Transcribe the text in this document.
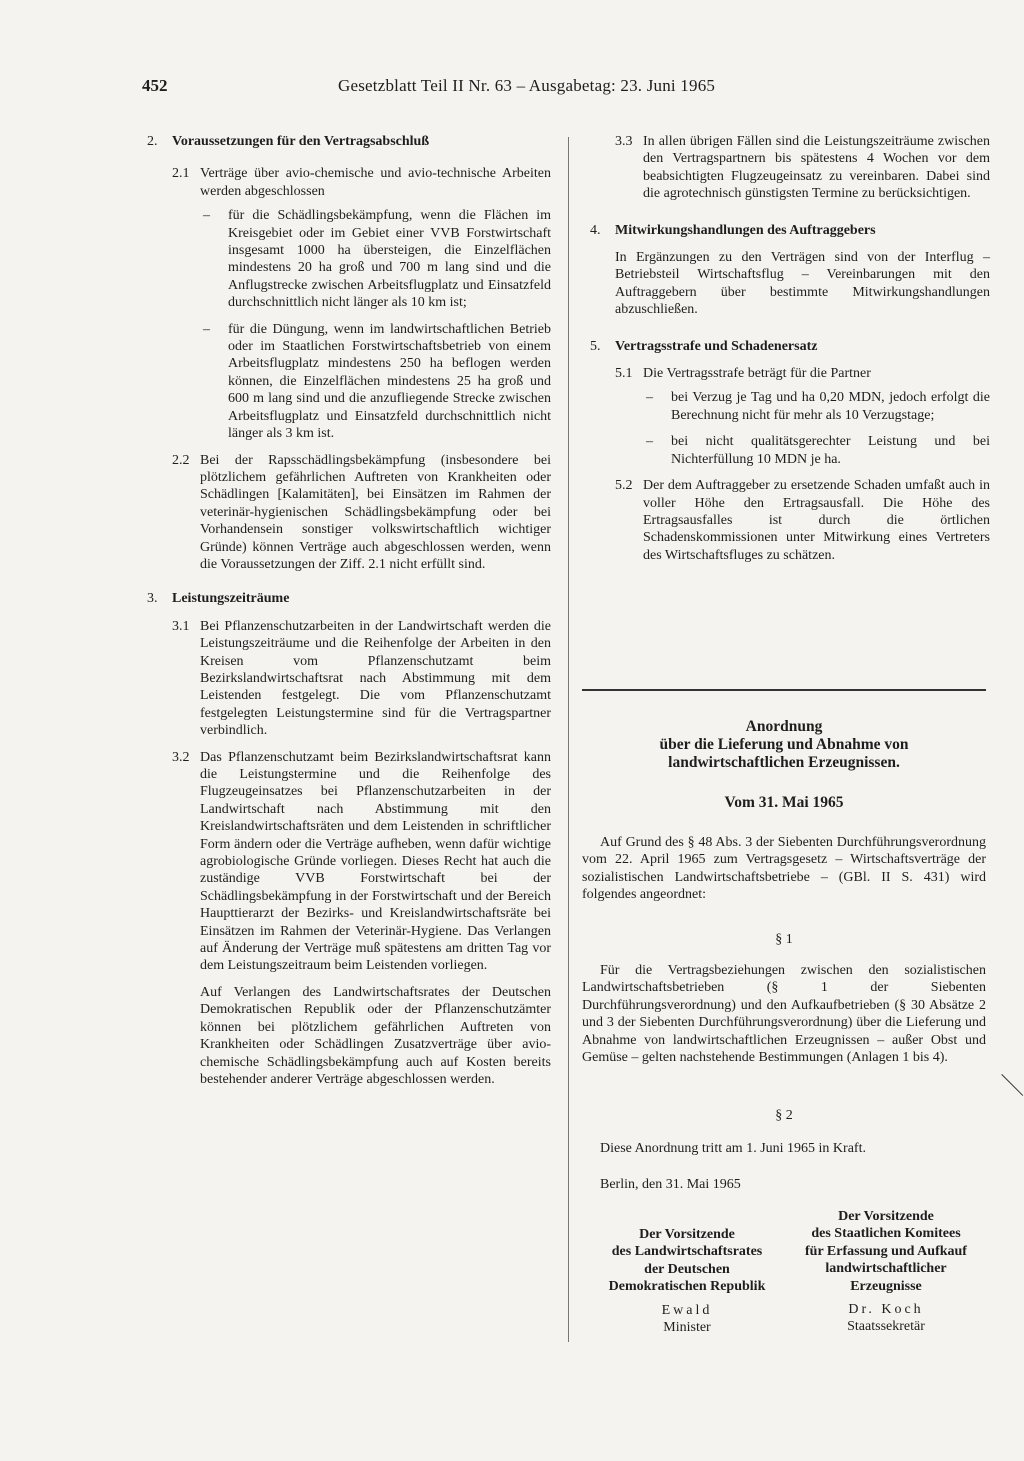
452	Gesetzblatt Teil II Nr. 63 – Ausgabetag: 23. Juni 1965

2. Voraussetzungen für den Vertragsabschluß

2.1 Verträge über avio-chemische und avio-technische Arbeiten werden abgeschlossen

– für die Schädlingsbekämpfung, wenn die Flächen im Kreisgebiet oder im Gebiet einer VVB Forstwirtschaft insgesamt 1000 ha übersteigen, die Einzelflächen mindestens 20 ha groß und 700 m lang sind und die Anflugstrecke zwischen Arbeitsflugplatz und Einsatzfeld durchschnittlich nicht länger als 10 km ist;

– für die Düngung, wenn im landwirtschaftlichen Betrieb oder im Staatlichen Forstwirtschaftsbetrieb von einem Arbeitsflugplatz mindestens 250 ha beflogen werden können, die Einzelflächen mindestens 25 ha groß und 600 m lang sind und die anzufliegende Strecke zwischen Arbeitsflugplatz und Einsatzfeld durchschnittlich nicht länger als 3 km ist.

2.2 Bei der Rapsschädlingsbekämpfung (insbesondere bei plötzlichem gefährlichen Auftreten von Krankheiten oder Schädlingen [Kalamitäten], bei Einsätzen im Rahmen der veterinär-hygienischen Schädlingsbekämpfung oder bei Vorhandensein sonstiger volkswirtschaftlich wichtiger Gründe) können Verträge auch abgeschlossen werden, wenn die Voraussetzungen der Ziff. 2.1 nicht erfüllt sind.

3. Leistungszeiträume

3.1 Bei Pflanzenschutzarbeiten in der Landwirtschaft werden die Leistungszeiträume und die Reihenfolge der Arbeiten in den Kreisen vom Pflanzenschutzamt beim Bezirkslandwirtschaftsrat nach Abstimmung mit dem Leistenden festgelegt. Die vom Pflanzenschutzamt festgelegten Leistungstermine sind für die Vertragspartner verbindlich.

3.2 Das Pflanzenschutzamt beim Bezirkslandwirtschaftsrat kann die Leistungstermine und die Reihenfolge des Flugzeugeinsatzes bei Pflanzenschutzarbeiten in der Landwirtschaft nach Abstimmung mit den Kreislandwirtschaftsräten und dem Leistenden in schriftlicher Form ändern oder die Verträge aufheben, wenn dafür wichtige agrobiologische Gründe vorliegen. Dieses Recht hat auch die zuständige VVB Forstwirtschaft bei der Schädlingsbekämpfung in der Forstwirtschaft und der Bereich Haupttierarzt der Bezirks- und Kreislandwirtschaftsräte bei Einsätzen im Rahmen der Veterinär-Hygiene. Das Verlangen auf Änderung der Verträge muß spätestens am dritten Tag vor dem Leistungszeitraum beim Leistenden vorliegen.

Auf Verlangen des Landwirtschaftsrates der Deutschen Demokratischen Republik oder der Pflanzenschutzämter können bei plötzlichem gefährlichen Auftreten von Krankheiten oder Schädlingen Zusatzverträge über avio-chemische Schädlingsbekämpfung auch auf Kosten bereits bestehender anderer Verträge abgeschlossen werden.

3.3 In allen übrigen Fällen sind die Leistungszeiträume zwischen den Vertragspartnern bis spätestens 4 Wochen vor dem beabsichtigten Flugzeugeinsatz zu vereinbaren. Dabei sind die agrotechnisch günstigsten Termine zu berücksichtigen.

4. Mitwirkungshandlungen des Auftraggebers

In Ergänzungen zu den Verträgen sind von der Interflug – Betriebsteil Wirtschaftsflug – Vereinbarungen mit den Auftraggebern über bestimmte Mitwirkungshandlungen abzuschließen.

5. Vertragsstrafe und Schadenersatz

5.1 Die Vertragsstrafe beträgt für die Partner

– bei Verzug je Tag und ha 0,20 MDN, jedoch erfolgt die Berechnung nicht für mehr als 10 Verzugstage;

– bei nicht qualitätsgerechter Leistung und bei Nichterfüllung 10 MDN je ha.

5.2 Der dem Auftraggeber zu ersetzende Schaden umfaßt auch in voller Höhe den Ertragsausfall. Die Höhe des Ertragsausfalles ist durch die örtlichen Schadenskommissionen unter Mitwirkung eines Vertreters des Wirtschaftsfluges zu schätzen.

Anordnung
über die Lieferung und Abnahme von
landwirtschaftlichen Erzeugnissen.
Vom 31. Mai 1965
Auf Grund des § 48 Abs. 3 der Siebenten Durchführungsverordnung vom 22. April 1965 zum Vertragsgesetz – Wirtschaftsverträge der sozialistischen Landwirtschaftsbetriebe – (GBl. II S. 431) wird folgendes angeordnet:
§ 1
Für die Vertragsbeziehungen zwischen den sozialistischen Landwirtschaftsbetrieben (§ 1 der Siebenten Durchführungsverordnung) und den Aufkaufbetrieben (§ 30 Absätze 2 und 3 der Siebenten Durchführungsverordnung) über die Lieferung und Abnahme von landwirtschaftlichen Erzeugnissen – außer Obst und Gemüse – gelten nachstehende Bestimmungen (Anlagen 1 bis 4).
§ 2
Diese Anordnung tritt am 1. Juni 1965 in Kraft.
Berlin, den 31. Mai 1965
Der Vorsitzende
des Landwirtschaftsrates
der Deutschen
Demokratischen Republik
Ewald
Minister
Der Vorsitzende
des Staatlichen Komitees
für Erfassung und Aufkauf
landwirtschaftlicher
Erzeugnisse
Dr. Koch
Staatssekretär
